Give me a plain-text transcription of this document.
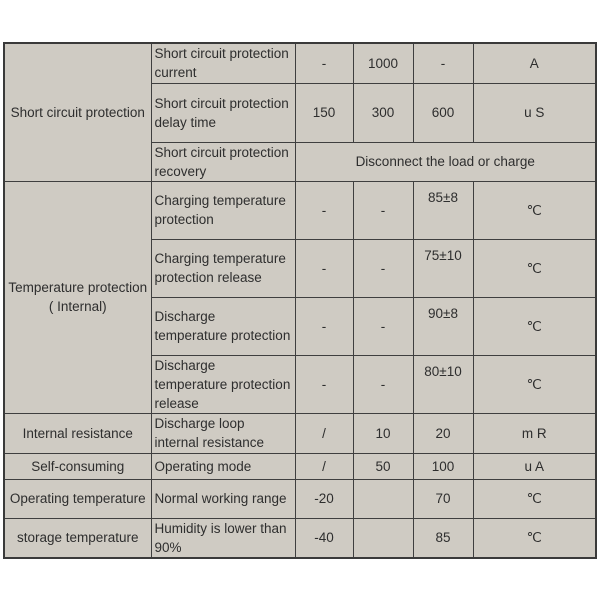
Short circuit protection	Short circuit protection current	-	1000	-	A
	Short circuit protection delay time	150	300	600	u S
	Short circuit protection recovery	Disconnect the load or charge			
Temperature protection ( Internal)	Charging temperature protection	-	-	85±8	℃
	Charging temperature protection release	-	-	75±10	℃
	Discharge temperature protection	-	-	90±8	℃
	Discharge temperature protection release	-	-	80±10	℃
Internal resistance	Discharge loop internal resistance	/	10	20	m R
Self-consuming	Operating mode	/	50	100	u A
Operating temperature	Normal working range	-20		70	℃
storage temperature	Humidity is lower than 90%	-40		85	℃
